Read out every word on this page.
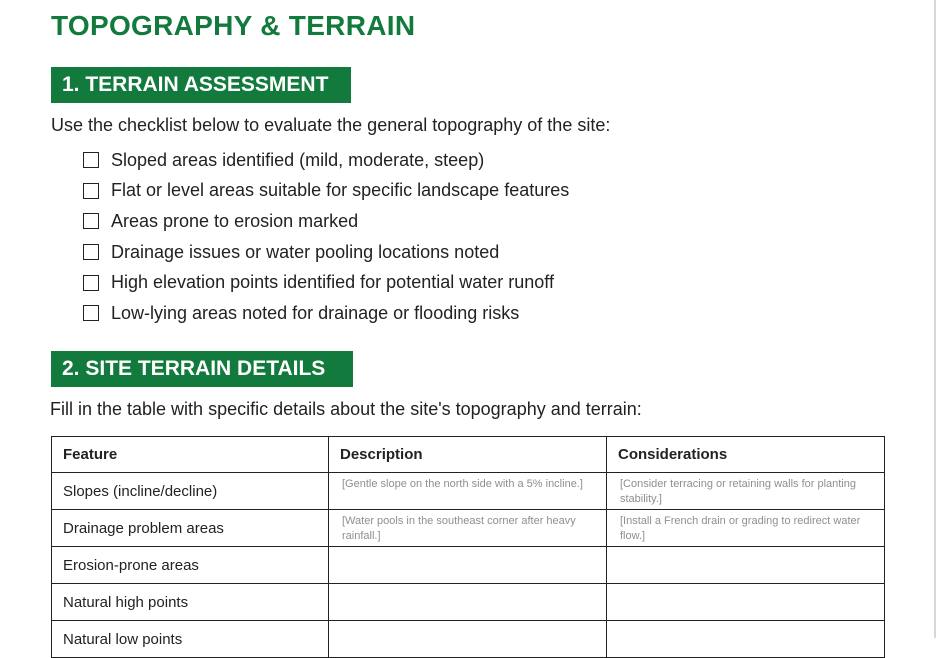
TOPOGRAPHY & TERRAIN
1. TERRAIN ASSESSMENT

Use the checklist below to evaluate the general topography of the site:

Sloped areas identified (mild, moderate, steep)
Flat or level areas suitable for specific landscape features
Areas prone to erosion marked
Drainage issues or water pooling locations noted
High elevation points identified for potential water runoff
Low-lying areas noted for drainage or flooding risks
2. SITE TERRAIN DETAILS

Fill in the table with specific details about the site's topography and terrain:

Feature	Description	Considerations
Slopes (incline/decline)	[Gentle slope on the north side with a 5% incline.]	[Consider terracing or retaining walls for planting stability.]
Drainage problem areas	[Water pools in the southeast corner after heavy rainfall.]	[Install a French drain or grading to redirect water flow.]
Erosion-prone areas		
Natural high points		
Natural low points		
